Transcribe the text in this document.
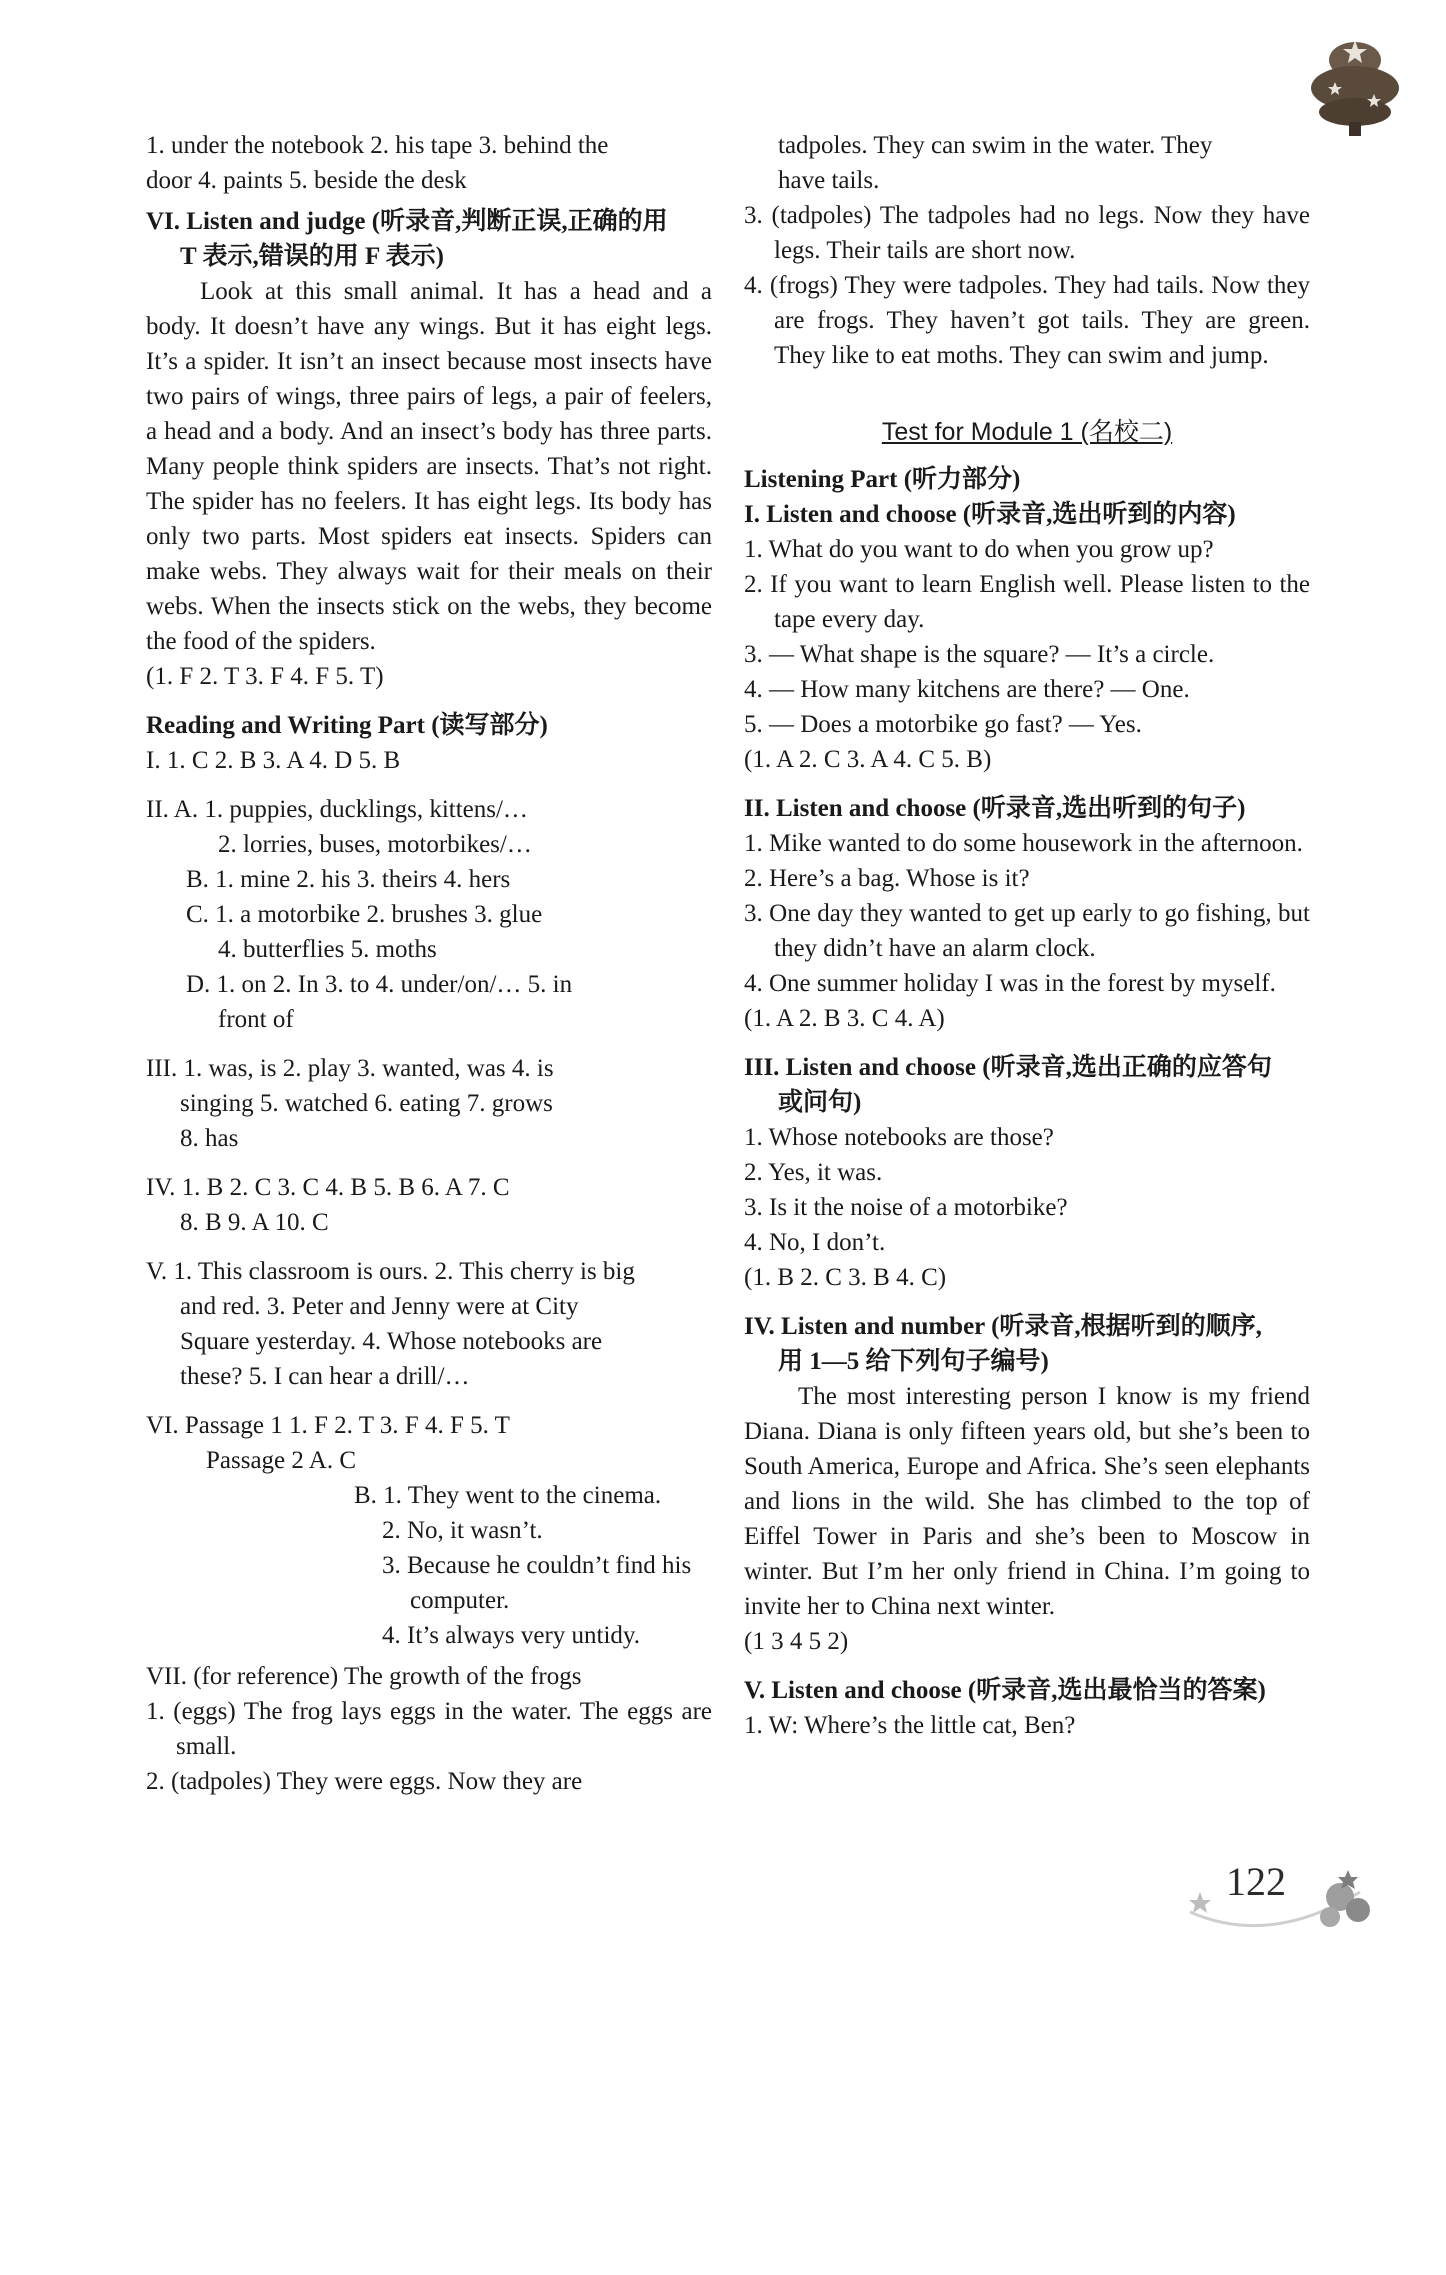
1. under the notebook 2. his tape 3. behind the

door 4. paints 5. beside the desk

VI. Listen and judge (听录音,判断正误,正确的用

T 表示,错误的用 F 表示)

Look at this small animal. It has a head and a body. It doesn’t have any wings. But it has eight legs. It’s a spider. It isn’t an insect because most insects have two pairs of wings, three pairs of legs, a pair of feelers, a head and a body. And an insect’s body has three parts. Many people think spiders are insects. That’s not right. The spider has no feelers. It has eight legs. Its body has only two parts. Most spiders eat insects. Spiders can make webs. They always wait for their meals on their webs. When the insects stick on the webs, they become the food of the spiders.

(1. F 2. T 3. F 4. F 5. T)

Reading and Writing Part (读写部分)

I. 1. C 2. B 3. A 4. D 5. B

II. A. 1. puppies, ducklings, kittens/…

2. lorries, buses, motorbikes/…

B. 1. mine 2. his 3. theirs 4. hers

C. 1. a motorbike 2. brushes 3. glue

4. butterflies 5. moths

D. 1. on 2. In 3. to 4. under/on/… 5. in

front of

III. 1. was, is 2. play 3. wanted, was 4. is

singing 5. watched 6. eating 7. grows

8. has

IV. 1. B 2. C 3. C 4. B 5. B 6. A 7. C

8. B 9. A 10. C

V. 1. This classroom is ours. 2. This cherry is big

and red. 3. Peter and Jenny were at City

Square yesterday. 4. Whose notebooks are

these? 5. I can hear a drill/…

VI. Passage 1 1. F 2. T 3. F 4. F 5. T

Passage 2 A. C

B. 1. They went to the cinema.

2. No, it wasn’t.

3. Because he couldn’t find his

computer.

4. It’s always very untidy.

VII. (for reference) The growth of the frogs

1. (eggs) The frog lays eggs in the water. The eggs are small.

2. (tadpoles) They were eggs. Now they are

tadpoles. They can swim in the water. They

have tails.

3. (tadpoles) The tadpoles had no legs. Now they have legs. Their tails are short now.

4. (frogs) They were tadpoles. They had tails. Now they are frogs. They haven’t got tails. They are green. They like to eat moths. They can swim and jump.

Test for Module 1 (名校二)

Listening Part (听力部分)

I. Listen and choose (听录音,选出听到的内容)

1. What do you want to do when you grow up?

2. If you want to learn English well. Please listen to the tape every day.

3. — What shape is the square? — It’s a circle.

4. — How many kitchens are there? — One.

5. — Does a motorbike go fast? — Yes.

(1. A 2. C 3. A 4. C 5. B)

II. Listen and choose (听录音,选出听到的句子)

1. Mike wanted to do some housework in the afternoon.

2. Here’s a bag. Whose is it?

3. One day they wanted to get up early to go fishing, but they didn’t have an alarm clock.

4. One summer holiday I was in the forest by myself.

(1. A 2. B 3. C 4. A)

III. Listen and choose (听录音,选出正确的应答句

或问句)

1. Whose notebooks are those?

2. Yes, it was.

3. Is it the noise of a motorbike?

4. No, I don’t.

(1. B 2. C 3. B 4. C)

IV. Listen and number (听录音,根据听到的顺序,

用 1—5 给下列句子编号)

The most interesting person I know is my friend Diana. Diana is only fifteen years old, but she’s been to South America, Europe and Africa. She’s seen elephants and lions in the wild. She has climbed to the top of Eiffel Tower in Paris and she’s been to Moscow in winter. But I’m her only friend in China. I’m going to invite her to China next winter.

(1 3 4 5 2)

V. Listen and choose (听录音,选出最恰当的答案)

1. W: Where’s the little cat, Ben?

122
